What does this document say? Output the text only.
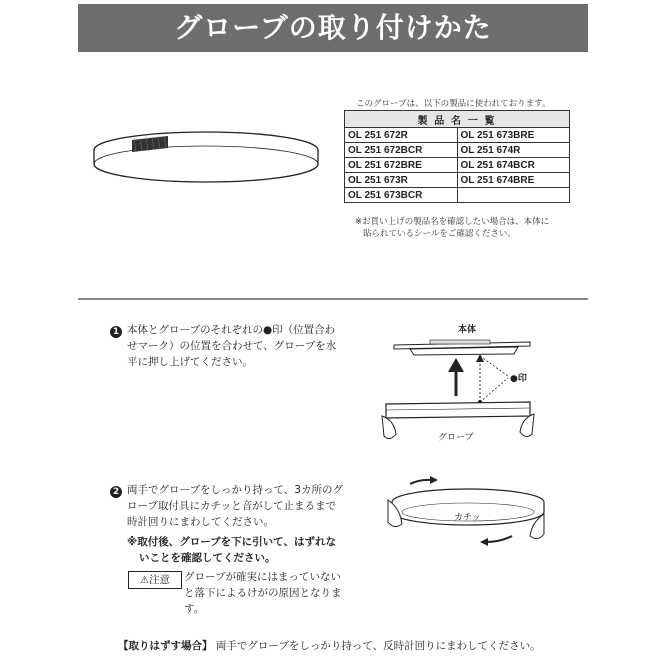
グローブの取り付けかた
このグローブは、以下の製品に使われております。
製 品 名 一 覧	
OL 251 672R	OL 251 673BRE
OL 251 672BCR	OL 251 674R
OL 251 672BRE	OL 251 674BCR
OL 251 673R	OL 251 674BRE
OL 251 673BCR	
※お買い上げの製品名を確認したい場合は、本体に
貼られているシールをご確認ください。
1 本体とグローブのそれぞれの●印（位置合わ
せマーク）の位置を合わせて、グローブを水
平に押し上げてください。
本体
●印
グローブ
2 両手でグローブをしっかり持って、3カ所のグ
ローブ取付具にカチッと音がして止まるまで
時計回りにまわしてください。
※取付後、グローブを下に引いて、はずれな
いことを確認してください。
カチッ
⚠注意	グローブが確実にはまっていない
と落下によるけがの原因となりま
す。
【取りはずす場合】 両手でグローブをしっかり持って、反時計回りにまわしてください。
